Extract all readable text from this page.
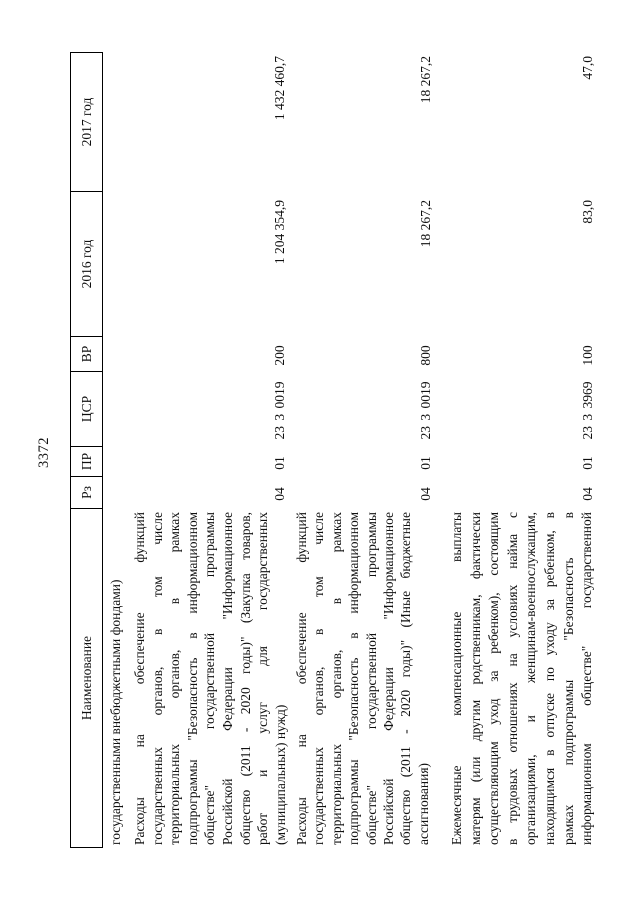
3372
Наименование
Рз
ПР
ЦСР
ВР
2016 год
2017 год
государственными внебюджетными фондами) Расходы на обеспечение функций государственных органов, в том числе территориальных органов, в рамках подпрограммы "Безопасность в информационном обществе" государственной программы Российской Федерации "Информационное общество (2011 - 2020 годы)" (Закупка товаров, работ и услуг для государственных (муниципальных) нужд)
04
01
23 3 0019
200
1 204 354,9
1 432 460,7
Расходы на обеспечение функций государственных органов, в том числе территориальных органов, в рамках подпрограммы "Безопасность в информационном обществе" государственной программы Российской Федерации "Информационное общество (2011 - 2020 годы)" (Иные бюджетные ассигнования)
04
01
23 3 0019
800
18 267,2
18 267,2
Ежемесячные компенсационные выплаты матерям (или другим родственникам, фактически осуществляющим уход за ребенком), состоящим в трудовых отношениях на условиях найма с организациями, и женщинам-военнослужащим, находящимся в отпуске по уходу за ребенком, в рамках подпрограммы "Безопасность в информационном обществе" государственной
04
01
23 3 3969
100
83,0
47,0
